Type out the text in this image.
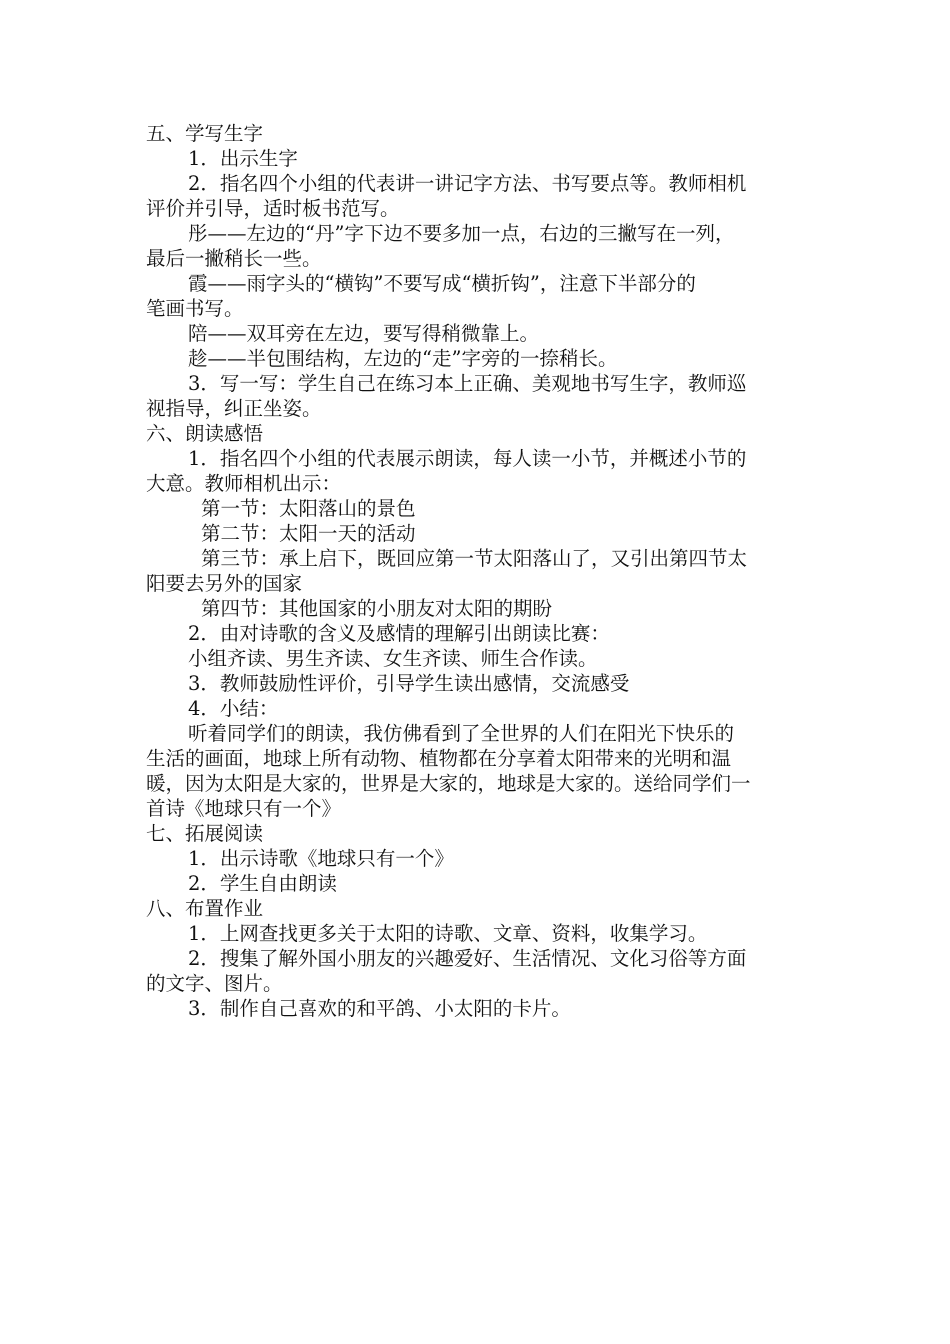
五、学写生字
1．出示生字
2．指名四个小组的代表讲一讲记字方法、书写要点等。教师相机
评价并引导，适时板书范写。
彤——左边的“丹”字下边不要多加一点，右边的三撇写在一列，
最后一撇稍长一些。
霞——雨字头的“横钩”不要写成“横折钩”，注意下半部分的
笔画书写。
陪——双耳旁在左边，要写得稍微靠上。
趁——半包围结构，左边的“走”字旁的一捺稍长。
3．写一写：学生自己在练习本上正确、美观地书写生字，教师巡
视指导，纠正坐姿。
六、朗读感悟
1．指名四个小组的代表展示朗读，每人读一小节，并概述小节的
大意。教师相机出示：
第一节：太阳落山的景色
第二节：太阳一天的活动
第三节：承上启下，既回应第一节太阳落山了，又引出第四节太
阳要去另外的国家
第四节：其他国家的小朋友对太阳的期盼
2．由对诗歌的含义及感情的理解引出朗读比赛：
小组齐读、男生齐读、女生齐读、师生合作读。
3．教师鼓励性评价，引导学生读出感情，交流感受
4．小结：
听着同学们的朗读，我仿佛看到了全世界的人们在阳光下快乐的
生活的画面，地球上所有动物、植物都在分享着太阳带来的光明和温
暖，因为太阳是大家的，世界是大家的，地球是大家的。送给同学们一
首诗《地球只有一个》
七、拓展阅读
1．出示诗歌《地球只有一个》
2．学生自由朗读
八、布置作业
1．上网查找更多关于太阳的诗歌、文章、资料，收集学习。
2．搜集了解外国小朋友的兴趣爱好、生活情况、文化习俗等方面
的文字、图片。
3．制作自己喜欢的和平鸽、小太阳的卡片。
